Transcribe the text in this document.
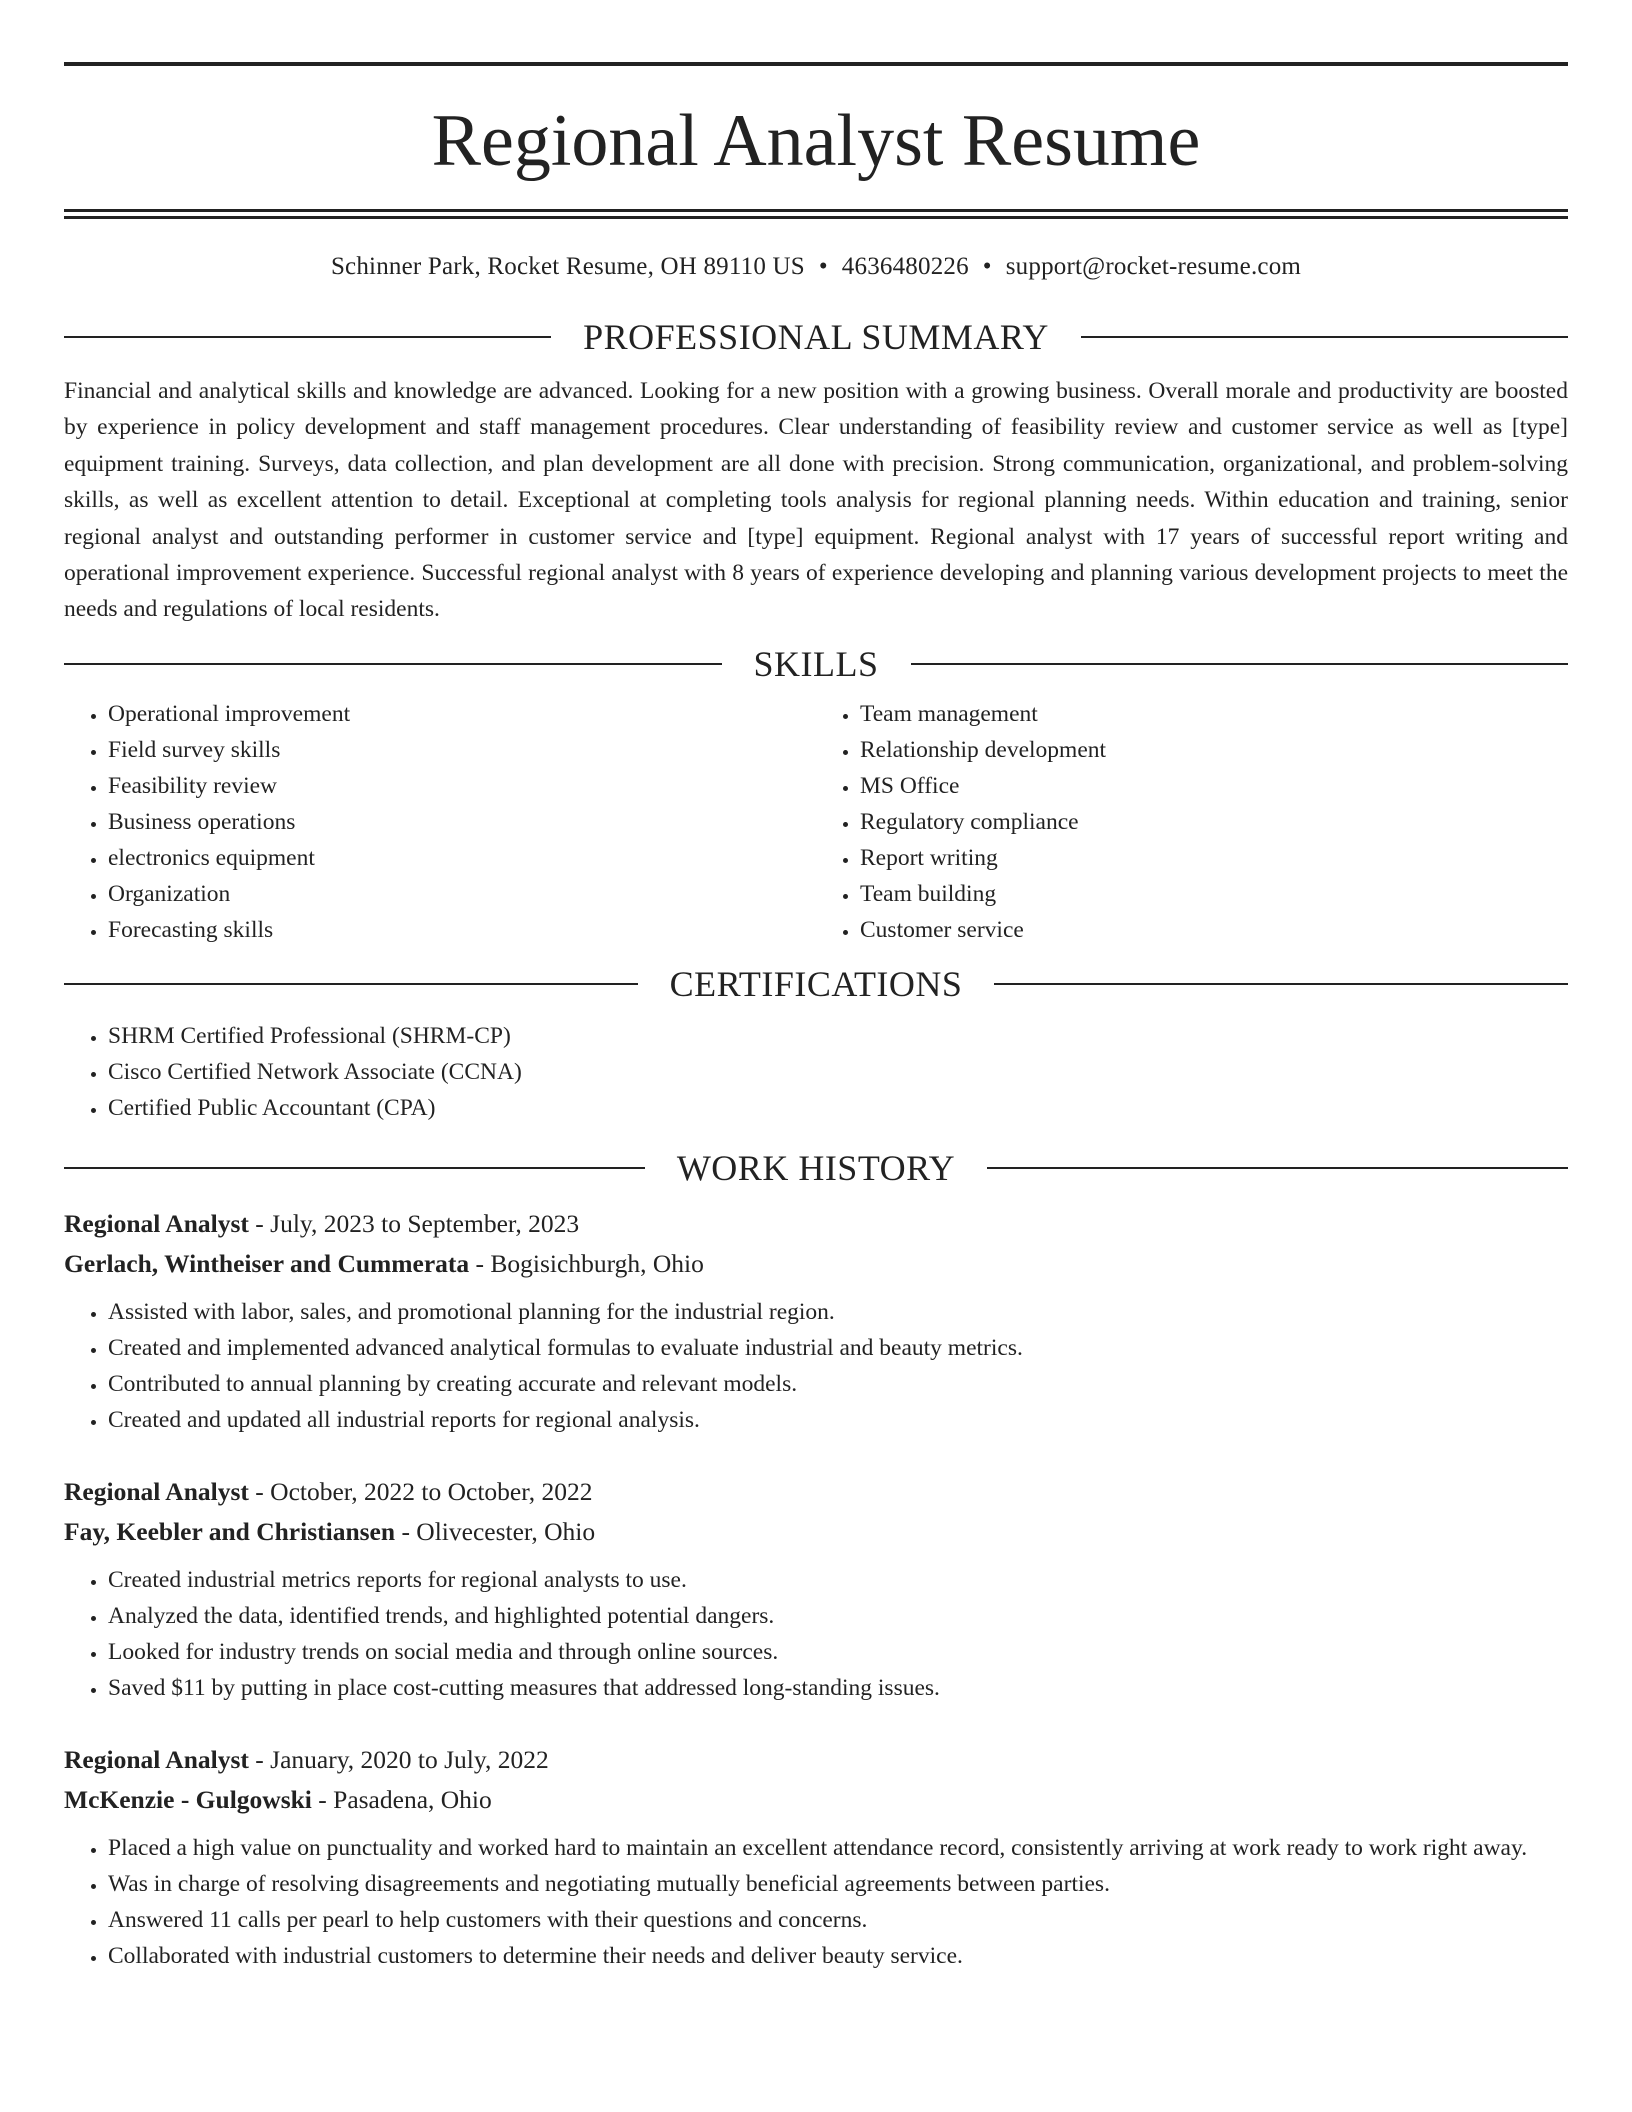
Regional Analyst Resume
Schinner Park, Rocket Resume, OH 89110 US • 4636480226 • support@rocket-resume.com
PROFESSIONAL SUMMARY

Financial and analytical skills and knowledge are advanced. Looking for a new position with a growing business. Overall morale and productivity are boosted by experience in policy development and staff management procedures. Clear understanding of feasibility review and customer service as well as [type] equipment training. Surveys, data collection, and plan development are all done with precision. Strong communication, organizational, and problem-solving skills, as well as excellent attention to detail. Exceptional at completing tools analysis for regional planning needs. Within education and training, senior regional analyst and outstanding performer in customer service and [type] equipment. Regional analyst with 17 years of successful report writing and operational improvement experience. Successful regional analyst with 8 years of experience developing and planning various development projects to meet the needs and regulations of local residents.

SKILLS
• Operational improvement
• Field survey skills
• Feasibility review
• Business operations
• electronics equipment
• Organization
• Forecasting skills
• Team management
• Relationship development
• MS Office
• Regulatory compliance
• Report writing
• Team building
• Customer service
CERTIFICATIONS
• SHRM Certified Professional (SHRM-CP)
• Cisco Certified Network Associate (CCNA)
• Certified Public Accountant (CPA)
WORK HISTORY
Regional Analyst - July, 2023 to September, 2023
Gerlach, Wintheiser and Cummerata - Bogisichburgh, Ohio
• Assisted with labor, sales, and promotional planning for the industrial region.
• Created and implemented advanced analytical formulas to evaluate industrial and beauty metrics.
• Contributed to annual planning by creating accurate and relevant models.
• Created and updated all industrial reports for regional analysis.
Regional Analyst - October, 2022 to October, 2022
Fay, Keebler and Christiansen - Olivecester, Ohio
• Created industrial metrics reports for regional analysts to use.
• Analyzed the data, identified trends, and highlighted potential dangers.
• Looked for industry trends on social media and through online sources.
• Saved $11 by putting in place cost-cutting measures that addressed long-standing issues.
Regional Analyst - January, 2020 to July, 2022
McKenzie - Gulgowski - Pasadena, Ohio
• Placed a high value on punctuality and worked hard to maintain an excellent attendance record, consistently arriving at work ready to work right away.
• Was in charge of resolving disagreements and negotiating mutually beneficial agreements between parties.
• Answered 11 calls per pearl to help customers with their questions and concerns.
• Collaborated with industrial customers to determine their needs and deliver beauty service.
